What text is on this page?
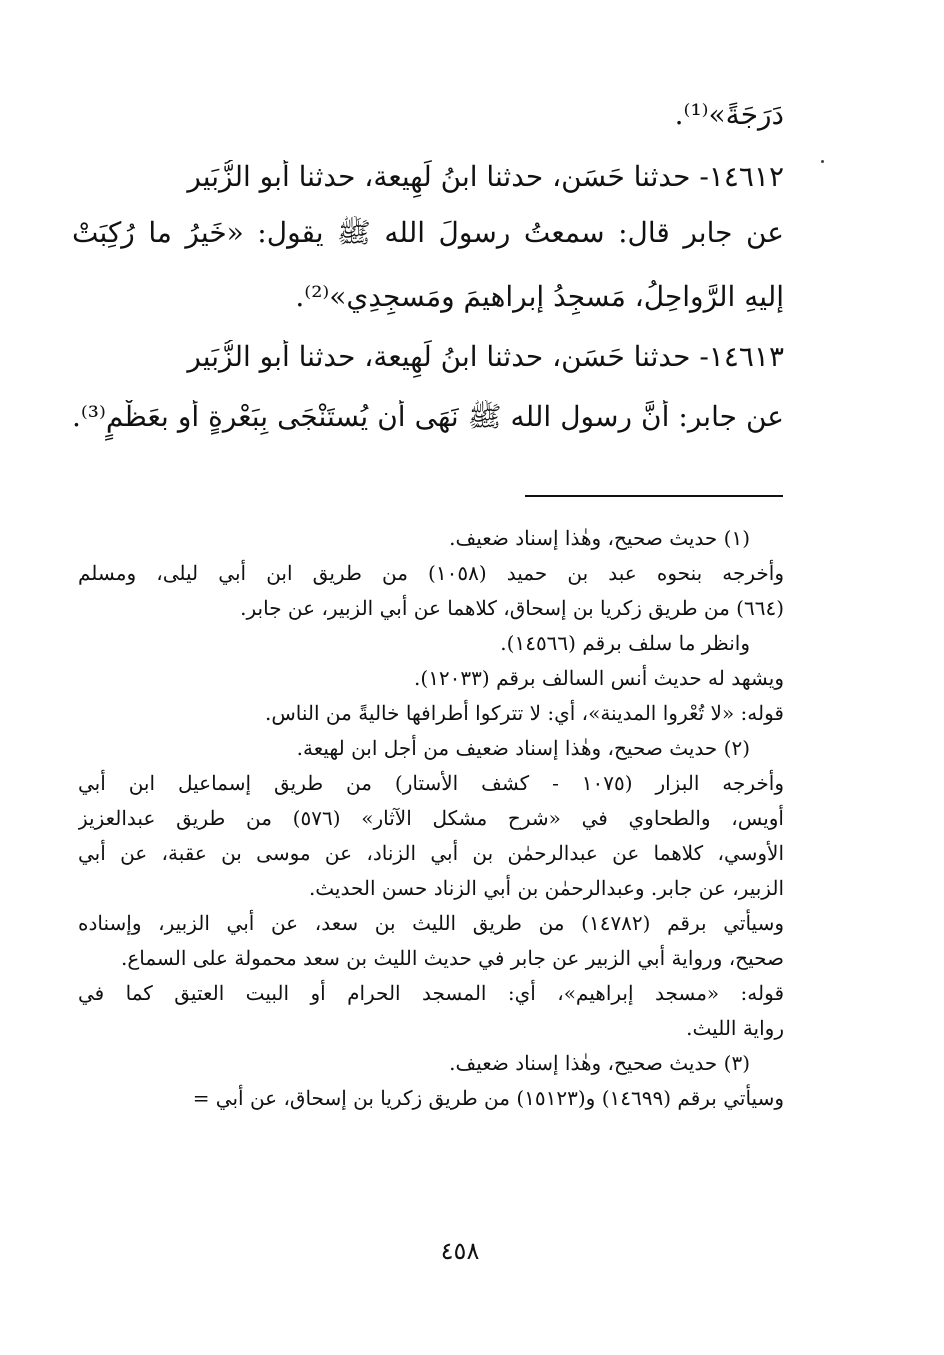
دَرَجَةً»⁽¹⁾.
١٤٦١٢- حدثنا حَسَن، حدثنا ابنُ لَهِيعة، حدثنا أبو الزُّبَير
عن جابر قال: سمعتُ رسولَ الله ﷺ يقول: «خَيرُ ما رُكِبَتْ
إليهِ الرَّواحِلُ، مَسجِدُ إبراهيمَ ومَسجِدِي»⁽²⁾.
١٤٦١٣- حدثنا حَسَن، حدثنا ابنُ لَهِيعة، حدثنا أبو الزُّبَير
عن جابر: أنَّ رسول الله ﷺ نَهَى أن يُستَنْجَى بِبَعْرةٍ أو بعَظْمٍ⁽³⁾.
(١) حديث صحيح، وهٰذا إسناد ضعيف.
وأخرجه بنحوه عبد بن حميد (١٠٥٨) من طريق ابن أبي ليلى، ومسلم
(٦٦٤) من طريق زكريا بن إسحاق، كلاهما عن أبي الزبير، عن جابر.
وانظر ما سلف برقم (١٤٥٦٦).
ويشهد له حديث أنس السالف برقم (١٢٠٣٣).
قوله: «لا تُعْروا المدينة»، أي: لا تتركوا أطرافها خاليةً من الناس.
(٢) حديث صحيح، وهٰذا إسناد ضعيف من أجل ابن لهيعة.
وأخرجه البزار (١٠٧٥ - كشف الأستار) من طريق إسماعيل ابن أبي
أويس، والطحاوي في «شرح مشكل الآثار» (٥٧٦) من طريق عبدالعزيز
الأوسي، كلاهما عن عبدالرحمٰن بن أبي الزناد، عن موسى بن عقبة، عن أبي
الزبير، عن جابر. وعبدالرحمٰن بن أبي الزناد حسن الحديث.
وسيأتي برقم (١٤٧٨٢) من طريق الليث بن سعد، عن أبي الزبير، وإسناده
صحيح، ورواية أبي الزبير عن جابر في حديث الليث بن سعد محمولة على السماع.
قوله: «مسجد إبراهيم»، أي: المسجد الحرام أو البيت العتيق كما في
رواية الليث.
(٣) حديث صحيح، وهٰذا إسناد ضعيف.
وسيأتي برقم (١٤٦٩٩) و(١٥١٢٣) من طريق زكريا بن إسحاق، عن أبي =
٤٥٨
